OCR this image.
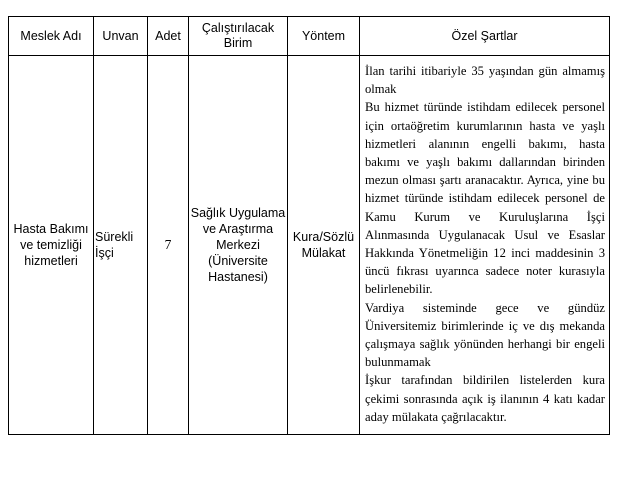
Meslek Adı	Unvan	Adet	Çalıştırılacak Birim	Yöntem	Özel Şartlar
Hasta Bakımı ve temizliği hizmetleri	Sürekli İşçi	7	Sağlık Uygulama ve Araştırma Merkezi (Üniversite Hastanesi)	Kura/Sözlü Mülakat	İlan tarihi itibariyle 35 yaşından gün almamış olmak

Bu hizmet türünde istihdam edilecek personel için ortaöğretim kurumlarının hasta ve yaşlı hizmetleri alanının engelli bakımı, hasta bakımı ve yaşlı bakımı dallarından birinden mezun olması şartı aranacaktır. Ayrıca, yine bu hizmet türünde istihdam edilecek personel de Kamu Kurum ve Kuruluşlarına İşçi Alınmasında Uygulanacak Usul ve Esaslar Hakkında Yönetmeliğin 12 inci maddesinin 3 üncü fıkrası uyarınca sadece noter kurasıyla belirlenebilir.

Vardiya sisteminde gece ve gündüz Üniversitemiz birimlerinde iç ve dış mekanda çalışmaya sağlık yönünden herhangi bir engeli bulunmamak

İşkur tarafından bildirilen listelerden kura çekimi sonrasında açık iş ilanının 4 katı kadar aday mülakata çağrılacaktır.
